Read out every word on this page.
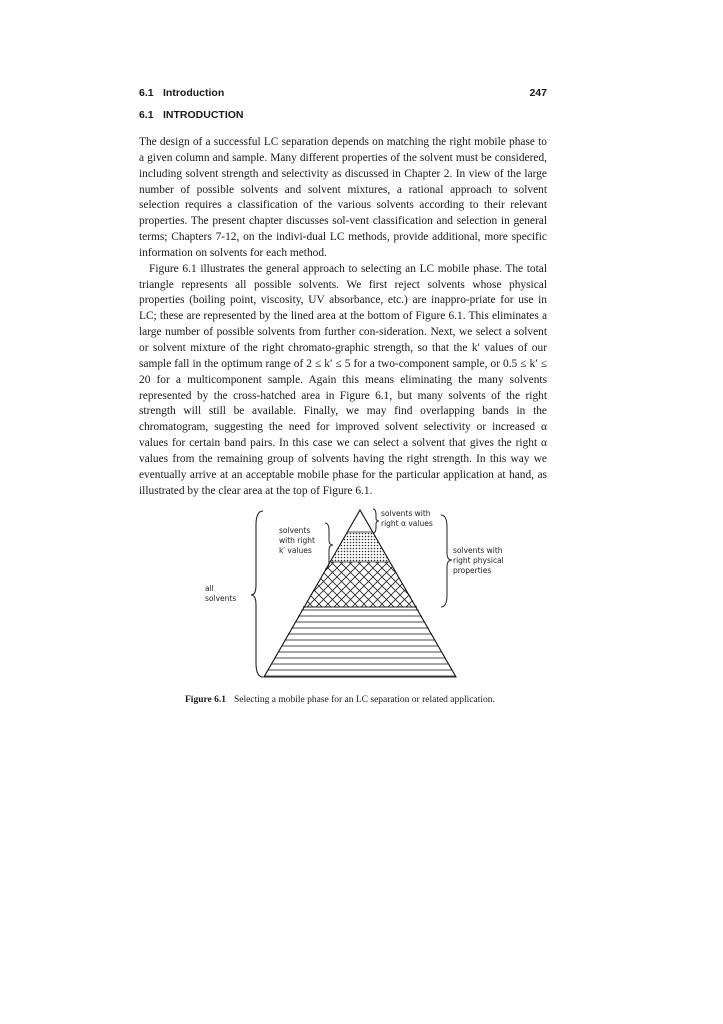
6.1 Introduction	247
6.1 INTRODUCTION

The design of a successful LC separation depends on matching the right mobile phase to a given column and sample. Many different properties of the solvent must be considered, including solvent strength and selectivity as discussed in Chapter 2. In view of the large number of possible solvents and solvent mixtures, a rational approach to solvent selection requires a classification of the various solvents according to their relevant properties. The present chapter discusses sol-vent classification and selection in general terms; Chapters 7-12, on the indivi-dual LC methods, provide additional, more specific information on solvents for each method.

Figure 6.1 illustrates the general approach to selecting an LC mobile phase. The total triangle represents all possible solvents. We first reject solvents whose physical properties (boiling point, viscosity, UV absorbance, etc.) are inappro-priate for use in LC; these are represented by the lined area at the bottom of Figure 6.1. This eliminates a large number of possible solvents from further con-sideration. Next, we select a solvent or solvent mixture of the right chromato-graphic strength, so that the k′ values of our sample fall in the optimum range of 2 ≤ k′ ≤ 5 for a two-component sample, or 0.5 ≤ k′ ≤ 20 for a multicomponent sample. Again this means eliminating the many solvents represented by the cross-hatched area in Figure 6.1, but many solvents of the right strength will still be available. Finally, we may find overlapping bands in the chromatogram, suggesting the need for improved solvent selectivity or increased α values for certain band pairs. In this case we can select a solvent that gives the right α values from the remaining group of solvents having the right strength. In this way we eventually arrive at an acceptable mobile phase for the particular application at hand, as illustrated by the clear area at the top of Figure 6.1.

solvents with
right α values
solvents
with right
k′ values	solvents with
right physical
properties
all
solvents
Figure 6.1 Selecting a mobile phase for an LC separation or related application.
